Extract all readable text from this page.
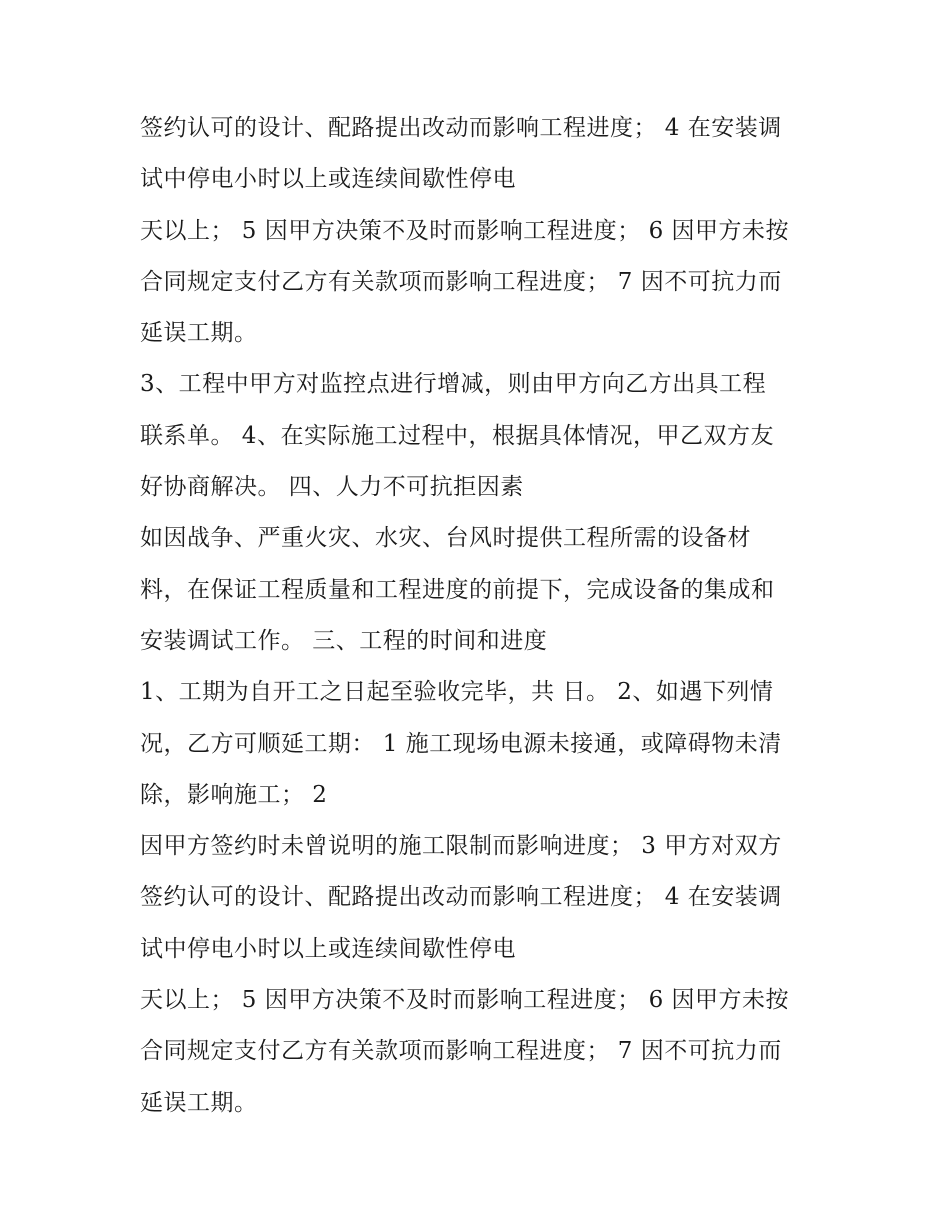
签约认可的设计、配路提出改动而影响工程进度； 4 在安装调
试中停电小时以上或连续间歇性停电
天以上； 5 因甲方决策不及时而影响工程进度； 6 因甲方未按
合同规定支付乙方有关款项而影响工程进度； 7 因不可抗力而
延误工期。
3、工程中甲方对监控点进行增减，则由甲方向乙方出具工程
联系单。 4、在实际施工过程中，根据具体情况，甲乙双方友
好协商解决。 四、人力不可抗拒因素
如因战争、严重火灾、水灾、台风时提供工程所需的设备材
料，在保证工程质量和工程进度的前提下，完成设备的集成和
安装调试工作。 三、工程的时间和进度
1、工期为自开工之日起至验收完毕，共 日。 2、如遇下列情
况，乙方可顺延工期： 1 施工现场电源未接通，或障碍物未清
除，影响施工； 2
因甲方签约时未曾说明的施工限制而影响进度； 3 甲方对双方
签约认可的设计、配路提出改动而影响工程进度； 4 在安装调
试中停电小时以上或连续间歇性停电
天以上； 5 因甲方决策不及时而影响工程进度； 6 因甲方未按
合同规定支付乙方有关款项而影响工程进度； 7 因不可抗力而
延误工期。
